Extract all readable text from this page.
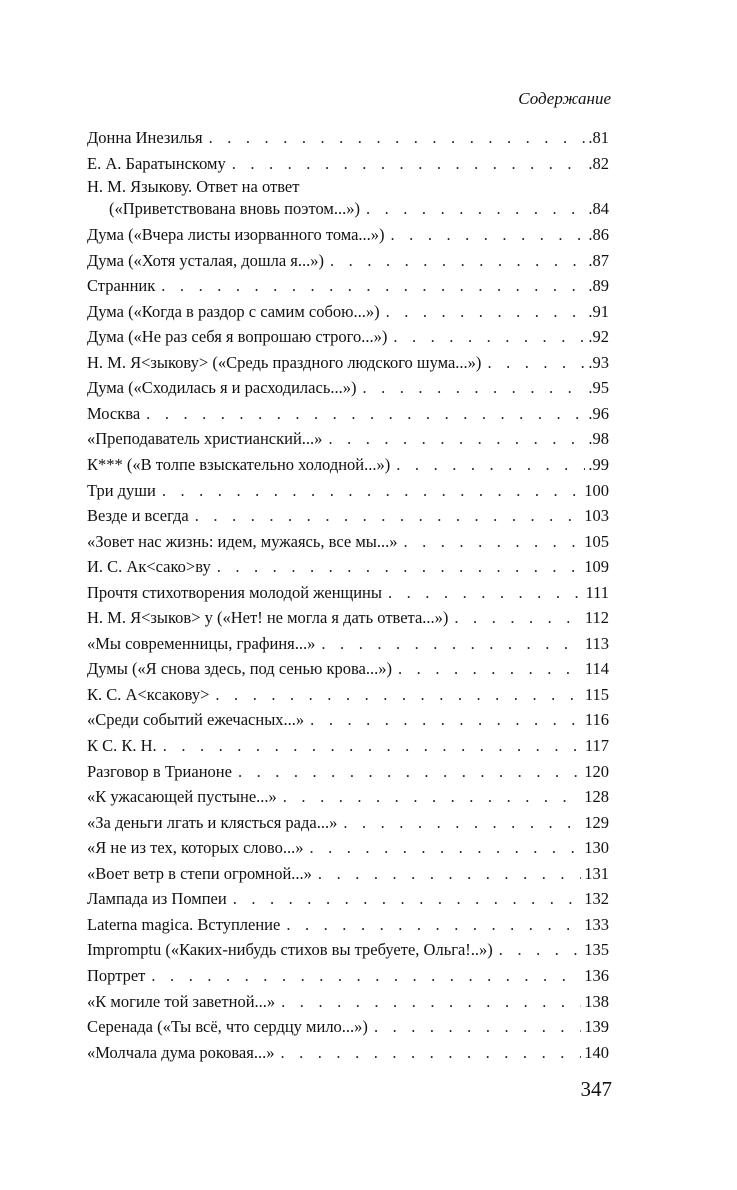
Содержание
Донна Инезилья . . .	.81
Е. А. Баратынскому . . .	.82
Н. М. Языкову. Ответ на ответ
(«Приветствована вновь поэтом...») . . .	.84
Дума («Вчера листы изорванного тома...») . . .	.86
Дума («Хотя усталая, дошла я...») . . .	.87
Странник . . .	.89
Дума («Когда в раздор с самим собою...») . . .	.91
Дума («Не раз себя я вопрошаю строго...») . . .	.92
Н. М. Я<зыкову> («Средь праздного людского шума...») . . .	.93
Дума («Сходилась я и расходилась...») . . .	.95
Москва . . .	.96
«Преподаватель христианский...» . . .	.98
К*** («В толпе взыскательно холодной...») . . .	.99
Три души . . .	100
Везде и всегда . . .	103
«Зовет нас жизнь: идем, мужаясь, все мы...» . . .	105
И. С. Ак<сако>ву . . .	109
Прочтя стихотворения молодой женщины . . .	111
Н. М. Я<зыков> у («Нет! не могла я дать ответа...») . . .	112
«Мы современницы, графиня...» . . .	113
Думы («Я снова здесь, под сенью крова...») . . .	114
К. С. А<ксакову> . . .	115
«Среди событий ежечасных...» . . .	116
К С. К. Н. . . .	117
Разговор в Трианоне . . .	120
«К ужасающей пустыне...» . . .	128
«За деньги лгать и клясться рада...» . . .	129
«Я не из тех, которых слово...» . . .	130
«Воет ветр в степи огромной...» . . .	131
Лампада из Помпеи . . .	132
Laterna magica. Вступление . . .	133
Impromptu («Каких-нибудь стихов вы требуете, Ольга!..») . . .	135
Портрет . . .	136
«К могиле той заветной...» . . .	138
Серенада («Ты всё, что сердцу мило...») . . .	139
«Молчала дума роковая...» . . .	140
347
